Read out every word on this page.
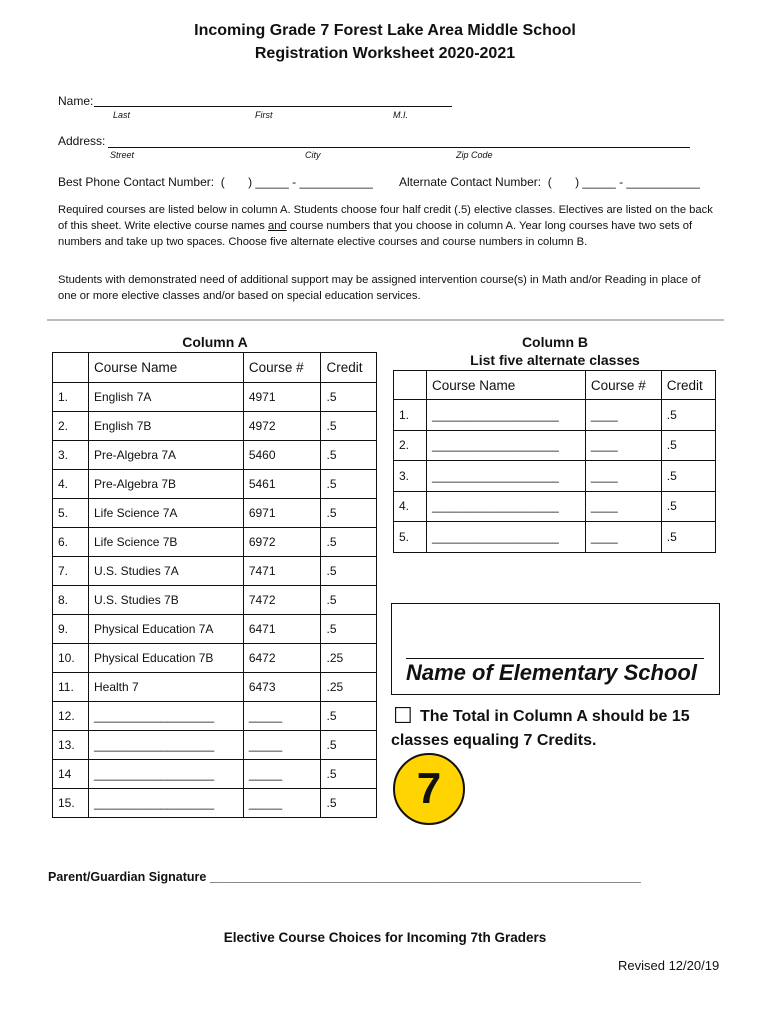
Incoming Grade 7 Forest Lake Area Middle School
Registration Worksheet 2020-2021
Name:
Last	First	M.I.
Address:
Street	City	Zip Code
Best Phone Contact Number:  (       ) _____ - ___________ Alternate Contact Number:  (       ) _____ - ___________
Required courses are listed below in column A. Students choose four half credit (.5) elective classes. Electives are listed on the back of this sheet. Write elective course names and course numbers that you choose in column A. Year long courses have two sets of numbers and take up two spaces. Choose five alternate elective courses and course numbers in column B.
Students with demonstrated need of additional support may be assigned intervention course(s) in Math and/or Reading in place of one or more elective classes and/or based on special education services.
Column A
	Course Name	Course #	Credit
1.	English 7A	4971	.5
2.	English 7B	4972	.5
3.	Pre-Algebra 7A	5460	.5
4.	Pre-Algebra 7B	5461	.5
5.	Life Science 7A	6971	.5
6.	Life Science 7B	6972	.5
7.	U.S. Studies 7A	7471	.5
8.	U.S. Studies 7B	7472	.5
9.	Physical Education 7A	6471	.5
10.	Physical Education 7B	6472	.25
11.	Health 7	6473	.25
12.	__________________	_____	.5
13.	__________________	_____	.5
14	__________________	_____	.5
15.	__________________	_____	.5
Column B
List five alternate classes
	Course Name	Course #	Credit
1.	___________________	____	.5
2.	___________________	____	.5
3.	___________________	____	.5
4.	___________________	____	.5
5.	___________________	____	.5
Name of Elementary School
☐ The Total in Column A should be 15
classes equaling 7 Credits.
7
Parent/Guardian Signature ______________________________________________________________
Elective Course Choices for Incoming 7th Graders
Revised 12/20/19
